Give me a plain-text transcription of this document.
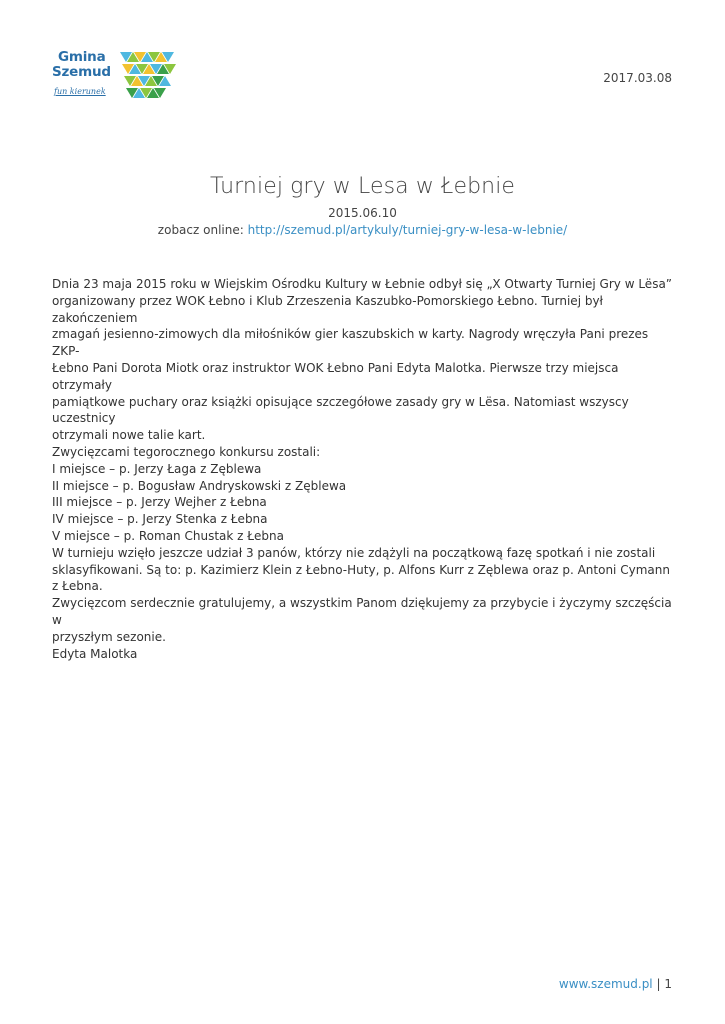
Gmina
Szemud
fun kierunek
2017.03.08
Turniej gry w Lesa w Łebnie
2015.06.10
zobacz online: http://szemud.pl/artykuly/turniej-gry-w-lesa-w-lebnie/

Dnia 23 maja 2015 roku w Wiejskim Ośrodku Kultury w Łebnie odbył się „X Otwarty Turniej Gry w Lësa”

organizowany przez WOK Łebno i Klub Zrzeszenia Kaszubko-Pomorskiego Łebno. Turniej był zakończeniem

zmagań jesienno-zimowych dla miłośników gier kaszubskich w karty. Nagrody wręczyła Pani prezes ZKP-

Łebno Pani Dorota Miotk oraz instruktor WOK Łebno Pani Edyta Malotka. Pierwsze trzy miejsca otrzymały

pamiątkowe puchary oraz książki opisujące szczegółowe zasady gry w Lësa. Natomiast wszyscy uczestnicy

otrzymali nowe talie kart.

Zwycięzcami tegorocznego konkursu zostali:

I miejsce – p. Jerzy Łaga z Zęblewa

II miejsce – p. Bogusław Andryskowski z Zęblewa

III miejsce – p. Jerzy Wejher z Łebna

IV miejsce – p. Jerzy Stenka z Łebna

V miejsce – p. Roman Chustak z Łebna

W turnieju wzięło jeszcze udział 3 panów, którzy nie zdążyli na początkową fazę spotkań i nie zostali

sklasyfikowani. Są to: p. Kazimierz Klein z Łebno-Huty, p. Alfons Kurr z Zęblewa oraz p. Antoni Cymann

z Łebna.

Zwycięzcom serdecznie gratulujemy, a wszystkim Panom dziękujemy za przybycie i życzymy szczęścia w

przyszłym sezonie.

Edyta Malotka

www.szemud.pl | 1
